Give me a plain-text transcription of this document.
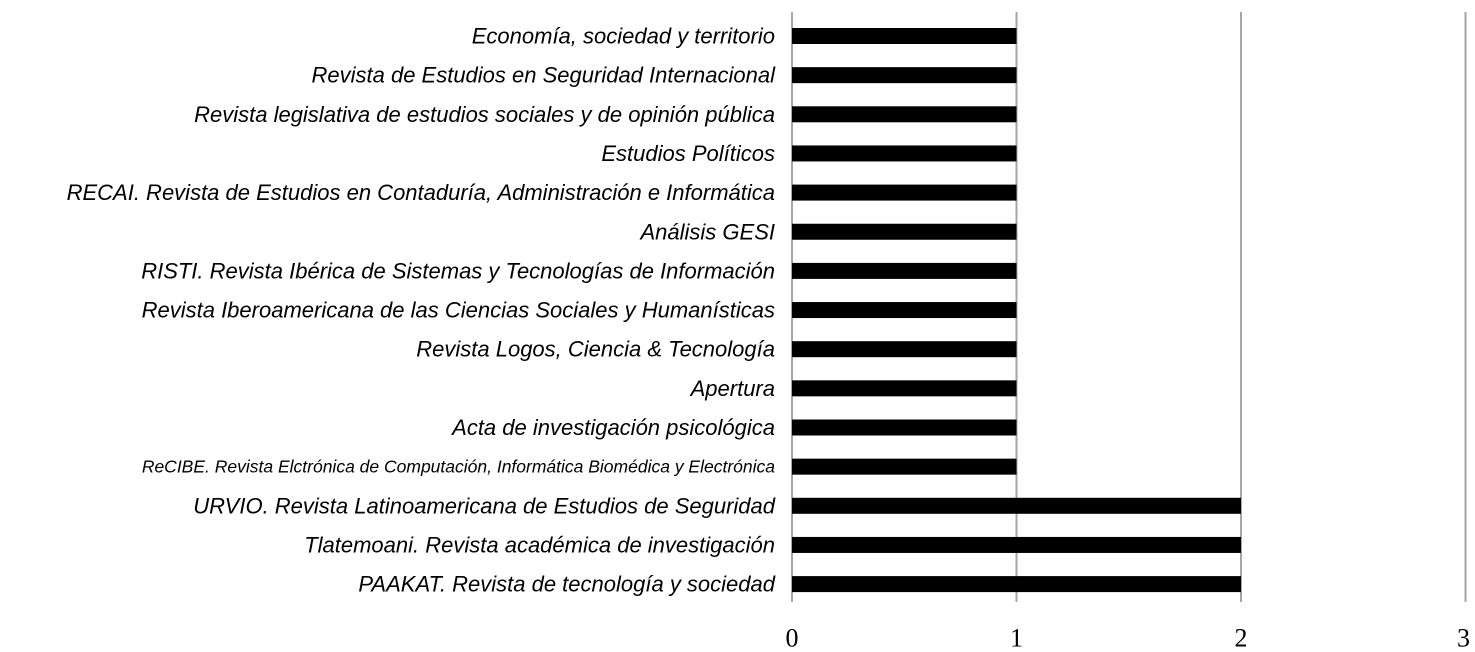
Economía, sociedad y territorio
Revista de Estudios en Seguridad Internacional
Revista legislativa de estudios sociales y de opinión pública
Estudios Políticos
RECAI. Revista de Estudios en Contaduría, Administración e Informática
Análisis GESI
RISTI. Revista Ibérica de Sistemas y Tecnologías de Información
Revista Iberoamericana de las Ciencias Sociales y Humanísticas
Revista Logos, Ciencia & Tecnología
Apertura
Acta de investigación psicológica
ReCIBE. Revista Elctrónica de Computación, Informática Biomédica y Electrónica
URVIO. Revista Latinoamericana de Estudios de Seguridad
Tlatemoani. Revista académica de investigación
PAAKAT. Revista de tecnología y sociedad
0	1	2	3
